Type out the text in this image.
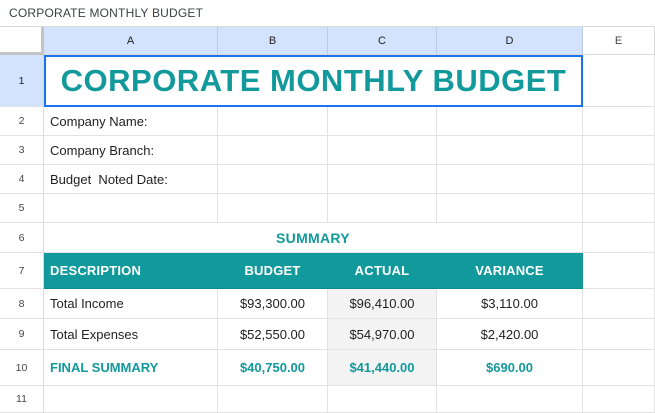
CORPORATE MONTHLY BUDGET
A	B	C	D	E
1	CORPORATE MONTHLY BUDGET
2	Company Name:
3	Company Branch:
4	Budget  Noted Date:
5
6	SUMMARY
7	DESCRIPTION	BUDGET	ACTUAL	VARIANCE
8	Total Income	$93,300.00	$96,410.00	$3,110.00
9	Total Expenses	$52,550.00	$54,970.00	$2,420.00
10	FINAL SUMMARY	$40,750.00	$41,440.00	$690.00
11
